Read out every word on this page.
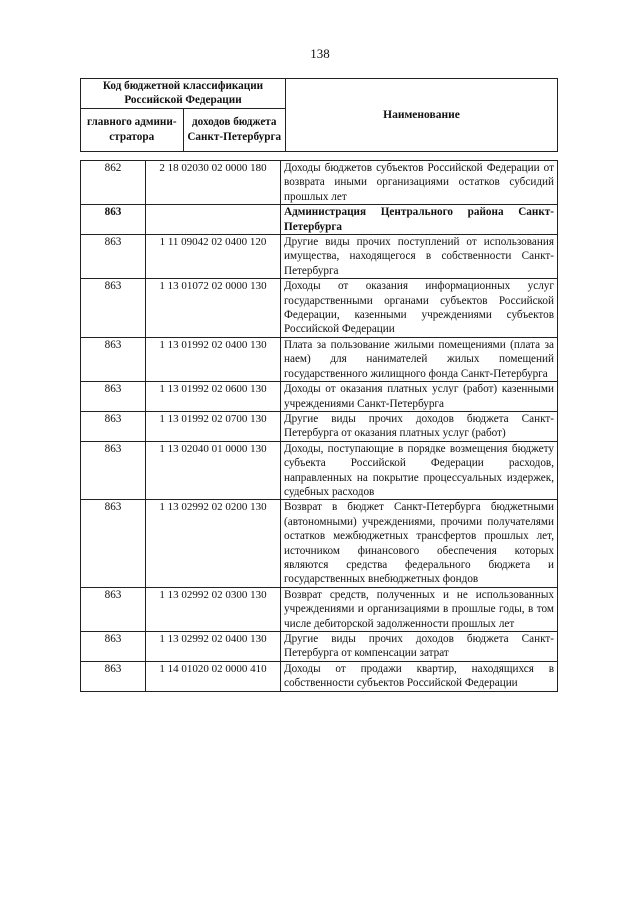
138
Код бюджетной классификации Российской Федерации		Наименование
главного админи-стратора	доходов бюджета Санкт-Петербурга	
862	2 18 02030 02 0000 180	Доходы бюджетов субъектов Российской Федерации от возврата иными организациями остатков субсидий прошлых лет
863		Администрация Центрального района Санкт-Петербурга
863	1 11 09042 02 0400 120	Другие виды прочих поступлений от использования имущества, находящегося в собственности Санкт-Петербурга
863	1 13 01072 02 0000 130	Доходы от оказания информационных услуг государственными органами субъектов Российской Федерации, казенными учреждениями субъектов Российской Федерации
863	1 13 01992 02 0400 130	Плата за пользование жилыми помещениями (плата за наем) для нанимателей жилых помещений государственного жилищного фонда Санкт-Петербурга
863	1 13 01992 02 0600 130	Доходы от оказания платных услуг (работ) казенными учреждениями Санкт-Петербурга
863	1 13 01992 02 0700 130	Другие виды прочих доходов бюджета Санкт-Петербурга от оказания платных услуг (работ)
863	1 13 02040 01 0000 130	Доходы, поступающие в порядке возмещения бюджету субъекта Российской Федерации расходов, направленных на покрытие процессуальных издержек, судебных расходов
863	1 13 02992 02 0200 130	Возврат в бюджет Санкт-Петербурга бюджетными (автономными) учреждениями, прочими получателями остатков межбюджетных трансфертов прошлых лет, источником финансового обеспечения которых являются средства федерального бюджета и государственных внебюджетных фондов
863	1 13 02992 02 0300 130	Возврат средств, полученных и не использованных учреждениями и организациями в прошлые годы, в том числе дебиторской задолженности прошлых лет
863	1 13 02992 02 0400 130	Другие виды прочих доходов бюджета Санкт-Петербурга от компенсации затрат
863	1 14 01020 02 0000 410	Доходы от продажи квартир, находящихся в собственности субъектов Российской Федерации
